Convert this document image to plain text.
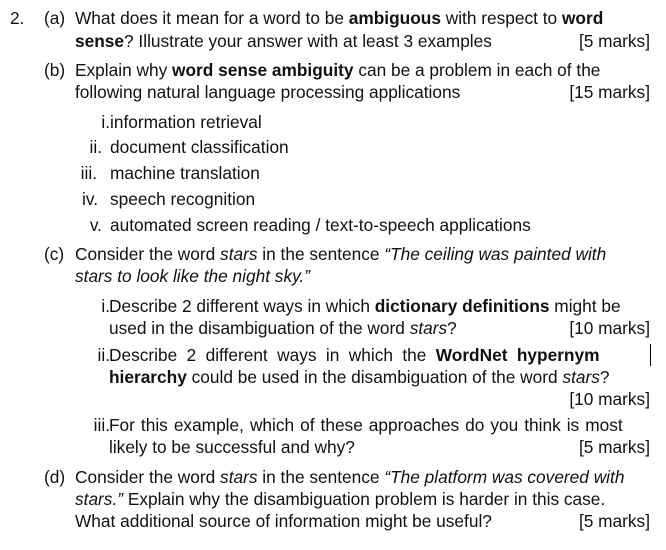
2. (a) What does it mean for a word to be ambiguous with respect to word
sense? Illustrate your answer with at least 3 examples	[5 marks]
(b) Explain why word sense ambiguity can be a problem in each of the
following natural language processing applications	[15 marks]
i. information retrieval
ii. document classification
iii. machine translation
iv. speech recognition
v. automated screen reading / text-to-speech applications
(c) Consider the word stars in the sentence “The ceiling was painted with
stars to look like the night sky.”
i. Describe 2 different ways in which dictionary definitions might be
used in the disambiguation of the word stars?	[10 marks]
ii. Describe 2 different ways in which the WordNet hypernym
hierarchy could be used in the disambiguation of the word stars?
[10 marks]
iii. For this example, which of these approaches do you think is most
likely to be successful and why?	[5 marks]
(d) Consider the word stars in the sentence “The platform was covered with
stars.” Explain why the disambiguation problem is harder in this case.
What additional source of information might be useful?	[5 marks]
